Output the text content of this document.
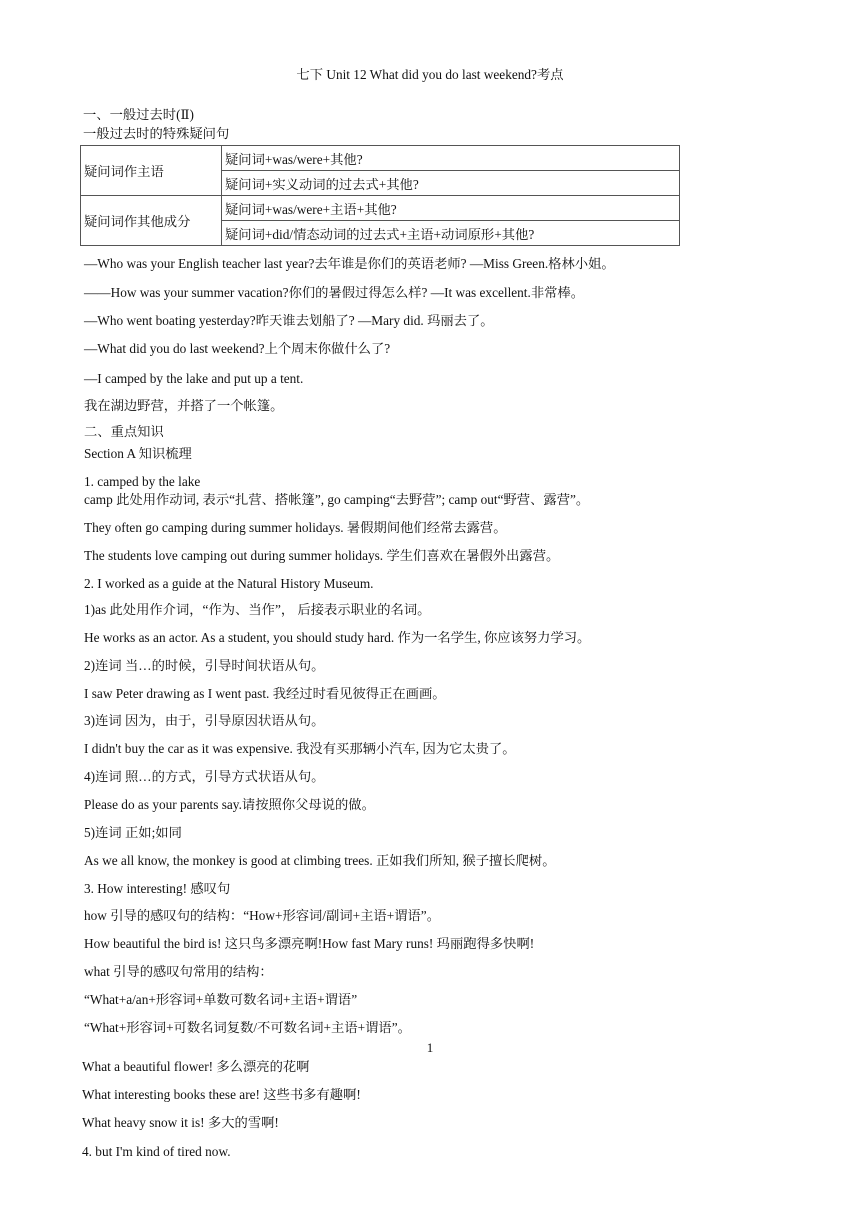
七下 Unit 12 What did you do last weekend?考点
一、一般过去时(Ⅱ)
一般过去时的特殊疑问句
疑问词作主语	疑问词+was/were+其他?
	疑问词+实义动词的过去式+其他?
疑问词作其他成分	疑问词+was/were+主语+其他?
	疑问词+did/情态动词的过去式+主语+动词原形+其他?
—Who was your English teacher last year?去年谁是你们的英语老师? —Miss Green.格林小姐。
——How was your summer vacation?你们的暑假过得怎么样? —It was excellent.非常棒。
—Who went boating yesterday?昨天谁去划船了? —Mary did. 玛丽去了。
—What did you do last weekend?上个周末你做什么了?
—I camped by the lake and put up a tent.
我在湖边野营，并搭了一个帐篷。
二、重点知识
Section A 知识梳理
1. camped by the lake
camp 此处用作动词, 表示“扎营、搭帐篷”, go camping“去野营”; camp out“野营、露营”。
They often go camping during summer holidays. 暑假期间他们经常去露营。
The students love camping out during summer holidays. 学生们喜欢在暑假外出露营。
2. I worked as a guide at the Natural History Museum.
1)as 此处用作介词，“作为、当作”， 后接表示职业的名词。
He works as an actor. As a student, you should study hard. 作为一名学生, 你应该努力学习。
2)连词 当…的时候，引导时间状语从句。
I saw Peter drawing as I went past. 我经过时看见彼得正在画画。
3)连词 因为，由于，引导原因状语从句。
I didn't buy the car as it was expensive. 我没有买那辆小汽车, 因为它太贵了。
4)连词 照…的方式，引导方式状语从句。
Please do as your parents say.请按照你父母说的做。
5)连词 正如;如同
As we all know, the monkey is good at climbing trees. 正如我们所知, 猴子擅长爬树。
3. How interesting! 感叹句
how 引导的感叹句的结构：“How+形容词/副词+主语+谓语”。
How beautiful the bird is! 这只鸟多漂亮啊!How fast Mary runs! 玛丽跑得多快啊!
what 引导的感叹句常用的结构：
“What+a/an+形容词+单数可数名词+主语+谓语”
“What+形容词+可数名词复数/不可数名词+主语+谓语”。
1
What a beautiful flower! 多么漂亮的花啊
What interesting books these are! 这些书多有趣啊!
What heavy snow it is! 多大的雪啊!
4. but I'm kind of tired now.
